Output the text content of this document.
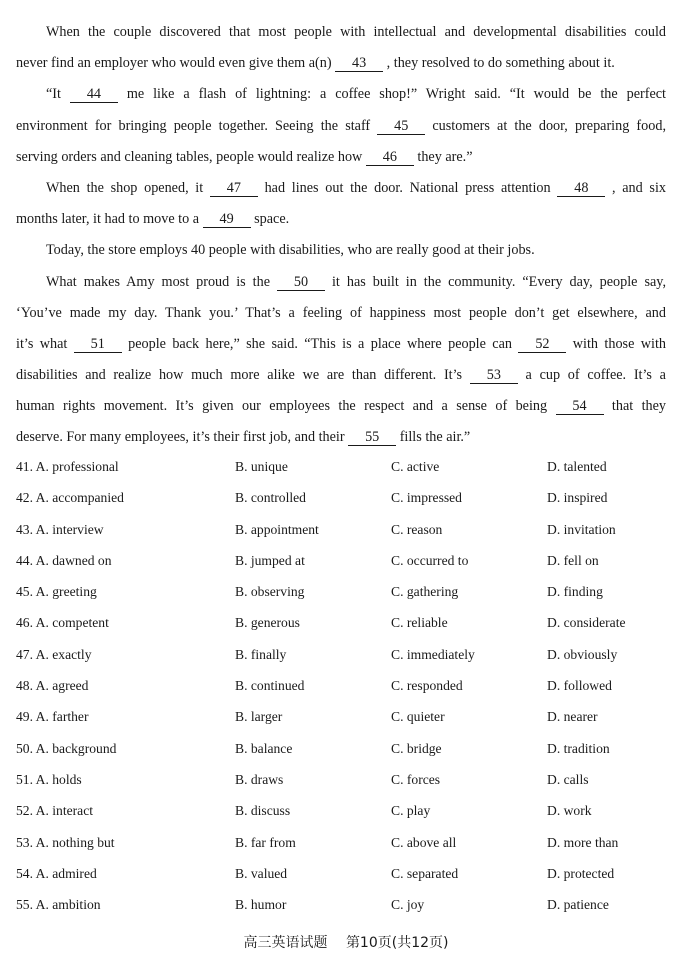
When the couple discovered that most people with intellectual and developmental disabilities could
never find an employer who would even give them a(n) 43 , they resolved to do something about it.
“It 44 me like a flash of lightning: a coffee shop!” Wright said. “It would be the perfect
environment for bringing people together. Seeing the staff 45 customers at the door, preparing food,
serving orders and cleaning tables, people would realize how 46 they are.”
When the shop opened, it 47 had lines out the door. National press attention 48 , and six
months later, it had to move to a 49 space.
Today, the store employs 40 people with disabilities, who are really good at their jobs.
What makes Amy most proud is the 50 it has built in the community. “Every day, people say,
‘You’ve made my day. Thank you.’ That’s a feeling of happiness most people don’t get elsewhere, and
it’s what 51 people back here,” she said. “This is a place where people can 52 with those with
disabilities and realize how much more alike we are than different. It’s 53 a cup of coffee. It’s a
human rights movement. It’s given our employees the respect and a sense of being 54 that they
deserve. For many employees, it’s their first job, and their 55 fills the air.”
41. A. professional	B. unique	C. active	D. talented
42. A. accompanied	B. controlled	C. impressed	D. inspired
43. A. interview	B. appointment	C. reason	D. invitation
44. A. dawned on	B. jumped at	C. occurred to	D. fell on
45. A. greeting	B. observing	C. gathering	D. finding
46. A. competent	B. generous	C. reliable	D. considerate
47. A. exactly	B. finally	C. immediately	D. obviously
48. A. agreed	B. continued	C. responded	D. followed
49. A. farther	B. larger	C. quieter	D. nearer
50. A. background	B. balance	C. bridge	D. tradition
51. A. holds	B. draws	C. forces	D. calls
52. A. interact	B. discuss	C. play	D. work
53. A. nothing but	B. far from	C. above all	D. more than
54. A. admired	B. valued	C. separated	D. protected
55. A. ambition	B. humor	C. joy	D. patience
高三英语试题 第10页(共12页)
